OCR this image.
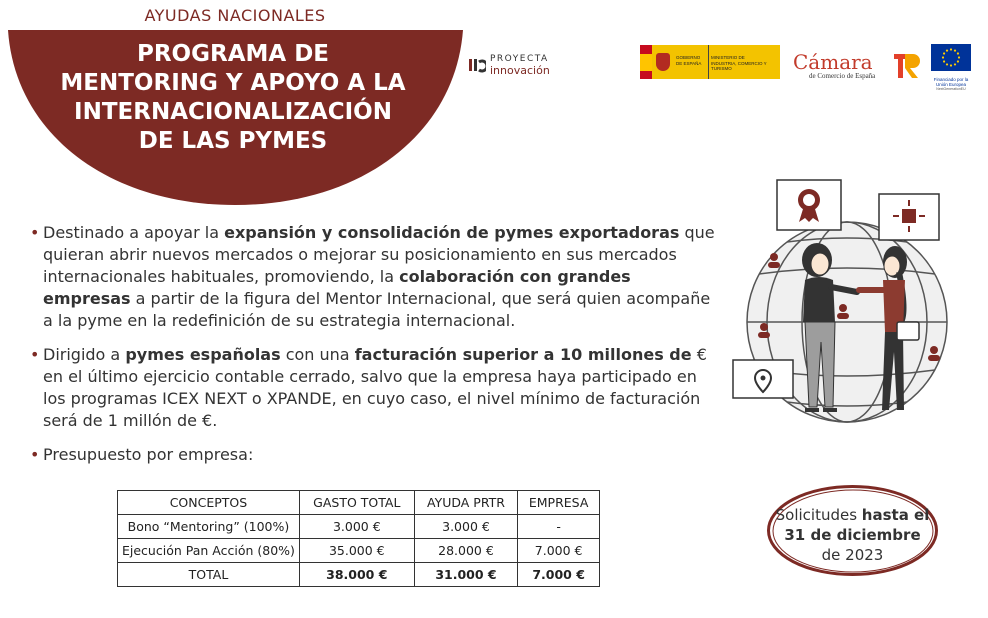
AYUDAS NACIONALES
PROGRAMA DE
MENTORING Y APOYO A LA
INTERNACIONALIZACIÓN
DE LAS PYMES
PROYECTA
innovación
GOBIERNO DE ESPAÑA
MINISTERIO DE INDUSTRIA, COMERCIO Y TURISMO	Cámara
de Comercio de España	Financiado por la Unión Europea
NextGenerationEU
• Destinado a apoyar la expansión y consolidación de pymes exportadoras que quieran abrir nuevos mercados o mejorar su posicionamiento en sus mercados internacionales habituales, promoviendo, la colaboración con grandes empresas a partir de la figura del Mentor Internacional, que será quien acompañe a la pyme en la redefinición de su estrategia internacional.
• Dirigido a pymes españolas con una facturación superior a 10 millones de € en el último ejercicio contable cerrado, salvo que la empresa haya participado en los programas ICEX NEXT o XPANDE, en cuyo caso, el nivel mínimo de facturación será de 1 millón de €.
• Presupuesto por empresa:
CONCEPTOS	GASTO TOTAL	AYUDA PRTR	EMPRESA
Bono “Mentoring” (100%)	3.000 €	3.000 €	-
Ejecución Pan Acción (80%)	35.000 €	28.000 €	7.000 €
TOTAL	38.000 €	31.000 €	7.000 €
Solicitudes hasta el
31 de diciembre
de 2023
